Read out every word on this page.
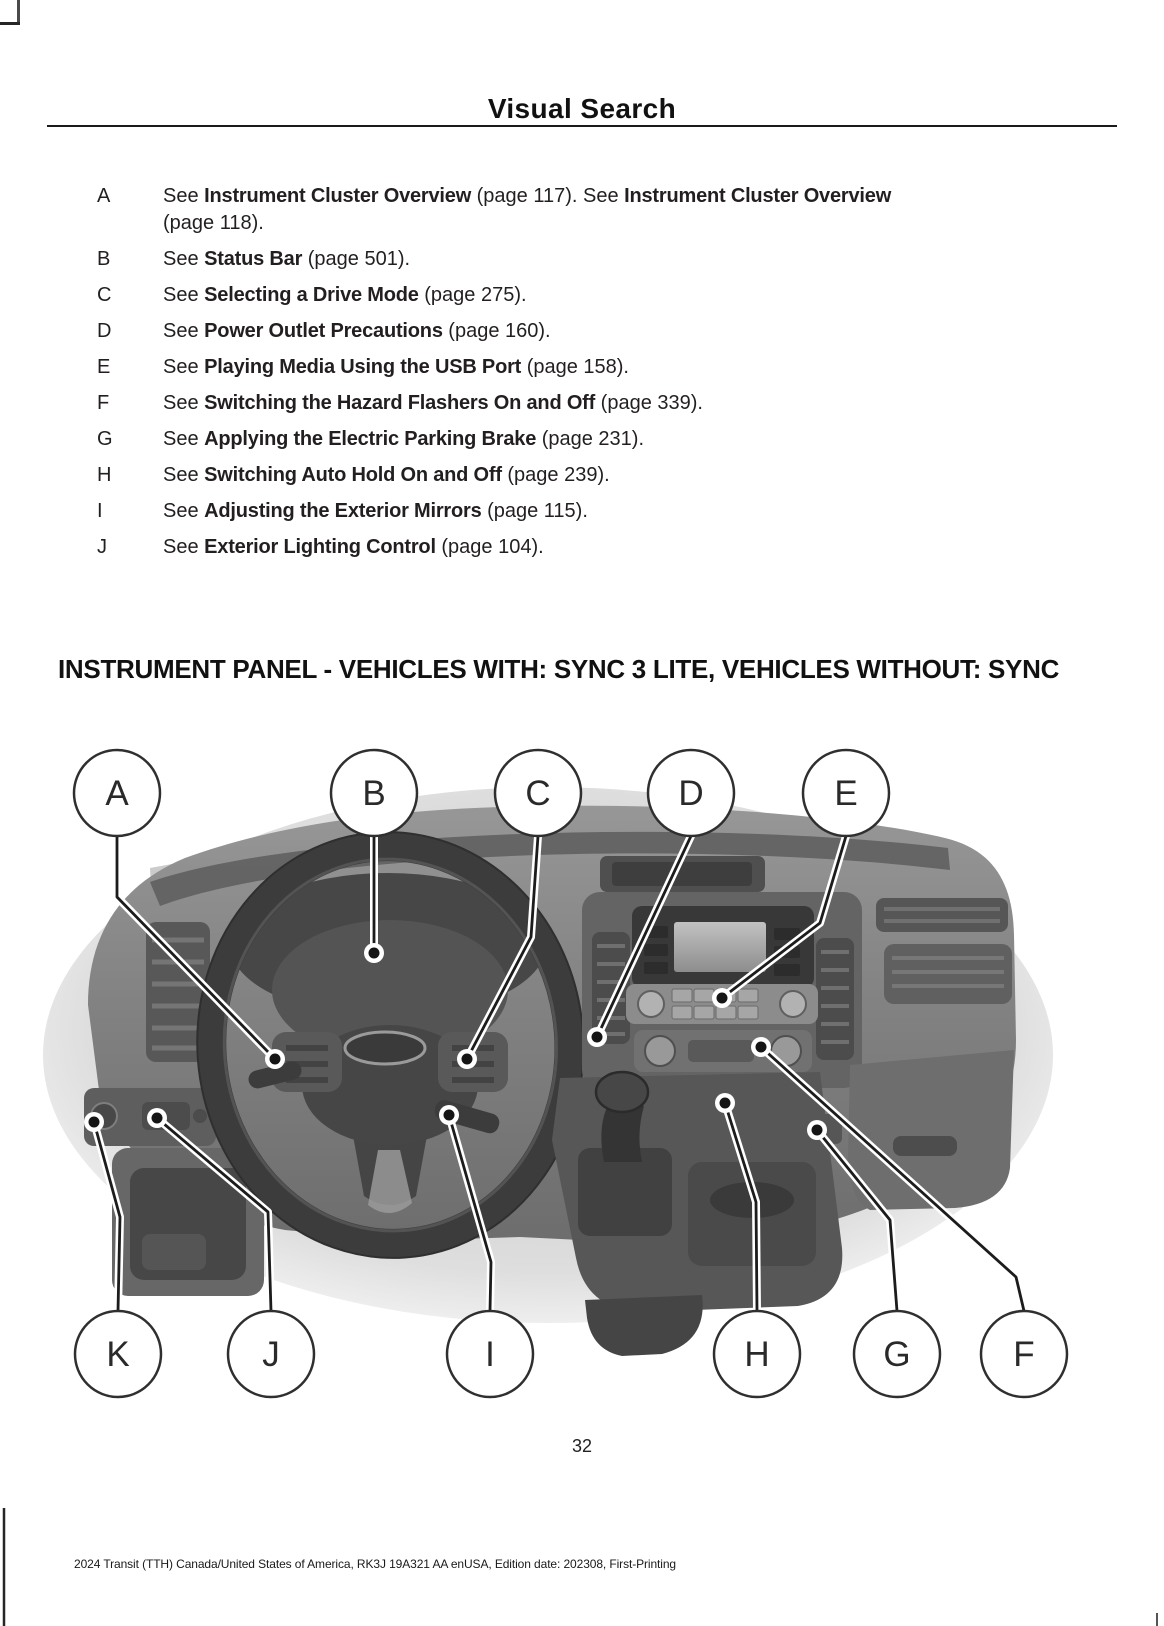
A	B	C	D	E
K	J	I	H	G	F
Visual Search
A	See Instrument Cluster Overview (page 117). See Instrument Cluster Overview (page 118).
B	See Status Bar (page 501).
C	See Selecting a Drive Mode (page 275).
D	See Power Outlet Precautions (page 160).
E	See Playing Media Using the USB Port (page 158).
F	See Switching the Hazard Flashers On and Off (page 339).
G	See Applying the Electric Parking Brake (page 231).
H	See Switching Auto Hold On and Off (page 239).
I	See Adjusting the Exterior Mirrors (page 115).
J	See Exterior Lighting Control (page 104).
INSTRUMENT PANEL - VEHICLES WITH: SYNC 3 LITE, VEHICLES WITHOUT: SYNC
32
2024 Transit (TTH) Canada/United States of America, RK3J 19A321 AA enUSA, Edition date: 202308, First-Printing
